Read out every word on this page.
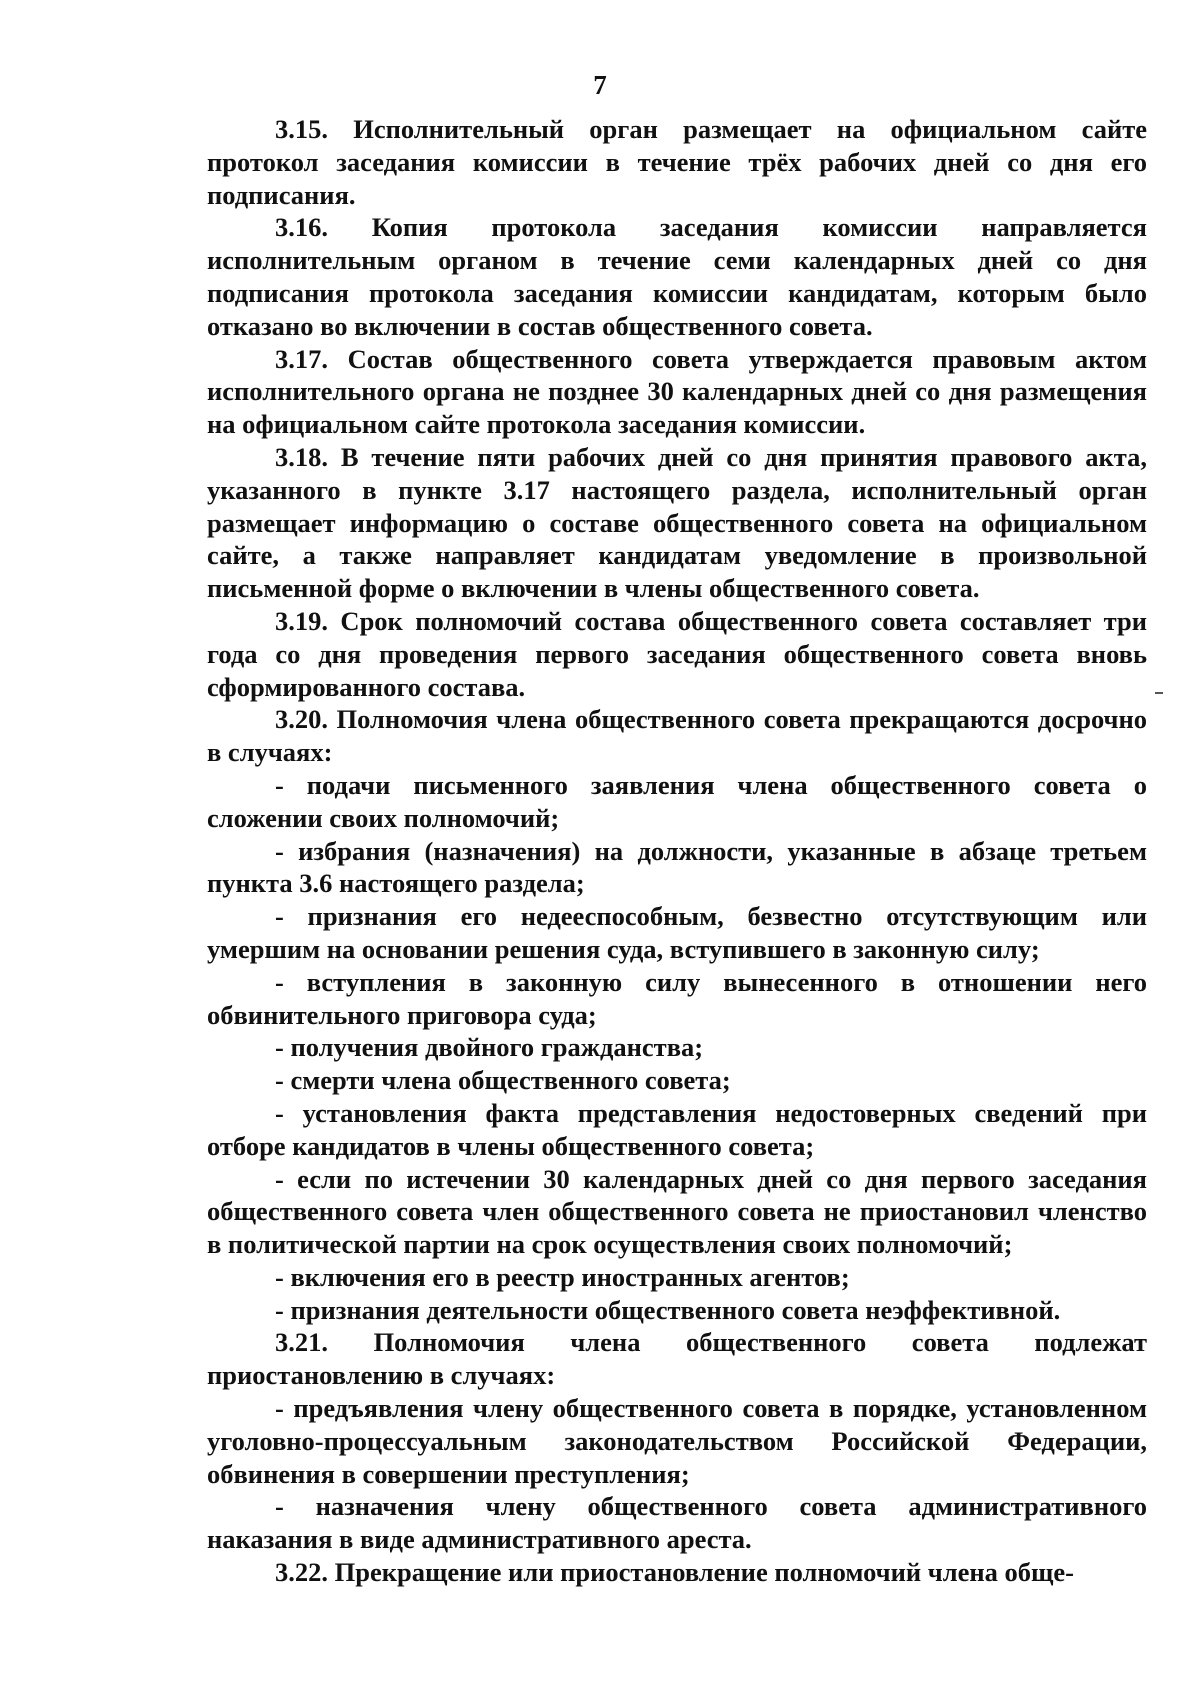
7

3.15. Исполнительный орган размещает на официальном сайте протокол заседания комиссии в течение трёх рабочих дней со дня его подписания.

3.16. Копия протокола заседания комиссии направляется исполнительным органом в течение семи календарных дней со дня подписания протокола заседания комиссии кандидатам, которым было отказано во включении в состав общественного совета.

3.17. Состав общественного совета утверждается правовым актом исполнительного органа не позднее 30 календарных дней со дня размещения на официальном сайте протокола заседания комиссии.

3.18. В течение пяти рабочих дней со дня принятия правового акта, указанного в пункте 3.17 настоящего раздела, исполнительный орган размещает информацию о составе общественного совета на официальном сайте, а также направляет кандидатам уведомление в произвольной письменной форме о включении в члены общественного совета.

3.19. Срок полномочий состава общественного совета составляет три года со дня проведения первого заседания общественного совета вновь сформированного состава.

3.20. Полномочия члена общественного совета прекращаются досрочно в случаях:

- подачи письменного заявления члена общественного совета о сложении своих полномочий;

- избрания (назначения) на должности, указанные в абзаце третьем пункта 3.6 настоящего раздела;

- признания его недееспособным, безвестно отсутствующим или умершим на основании решения суда, вступившего в законную силу;

- вступления в законную силу вынесенного в отношении него обвинительного приговора суда;

- получения двойного гражданства;

- смерти члена общественного совета;

- установления факта представления недостоверных сведений при отборе кандидатов в члены общественного совета;

- если по истечении 30 календарных дней со дня первого заседания общественного совета член общественного совета не приостановил членство в политической партии на срок осуществления своих полномочий;

- включения его в реестр иностранных агентов;

- признания деятельности общественного совета неэффективной.

3.21. Полномочия члена общественного совета подлежат приостановлению в случаях:

- предъявления члену общественного совета в порядке, установленном уголовно-процессуальным законодательством Российской Федерации, обвинения в совершении преступления;

- назначения члену общественного совета административного наказания в виде административного ареста.

3.22. Прекращение или приостановление полномочий члена обще-
